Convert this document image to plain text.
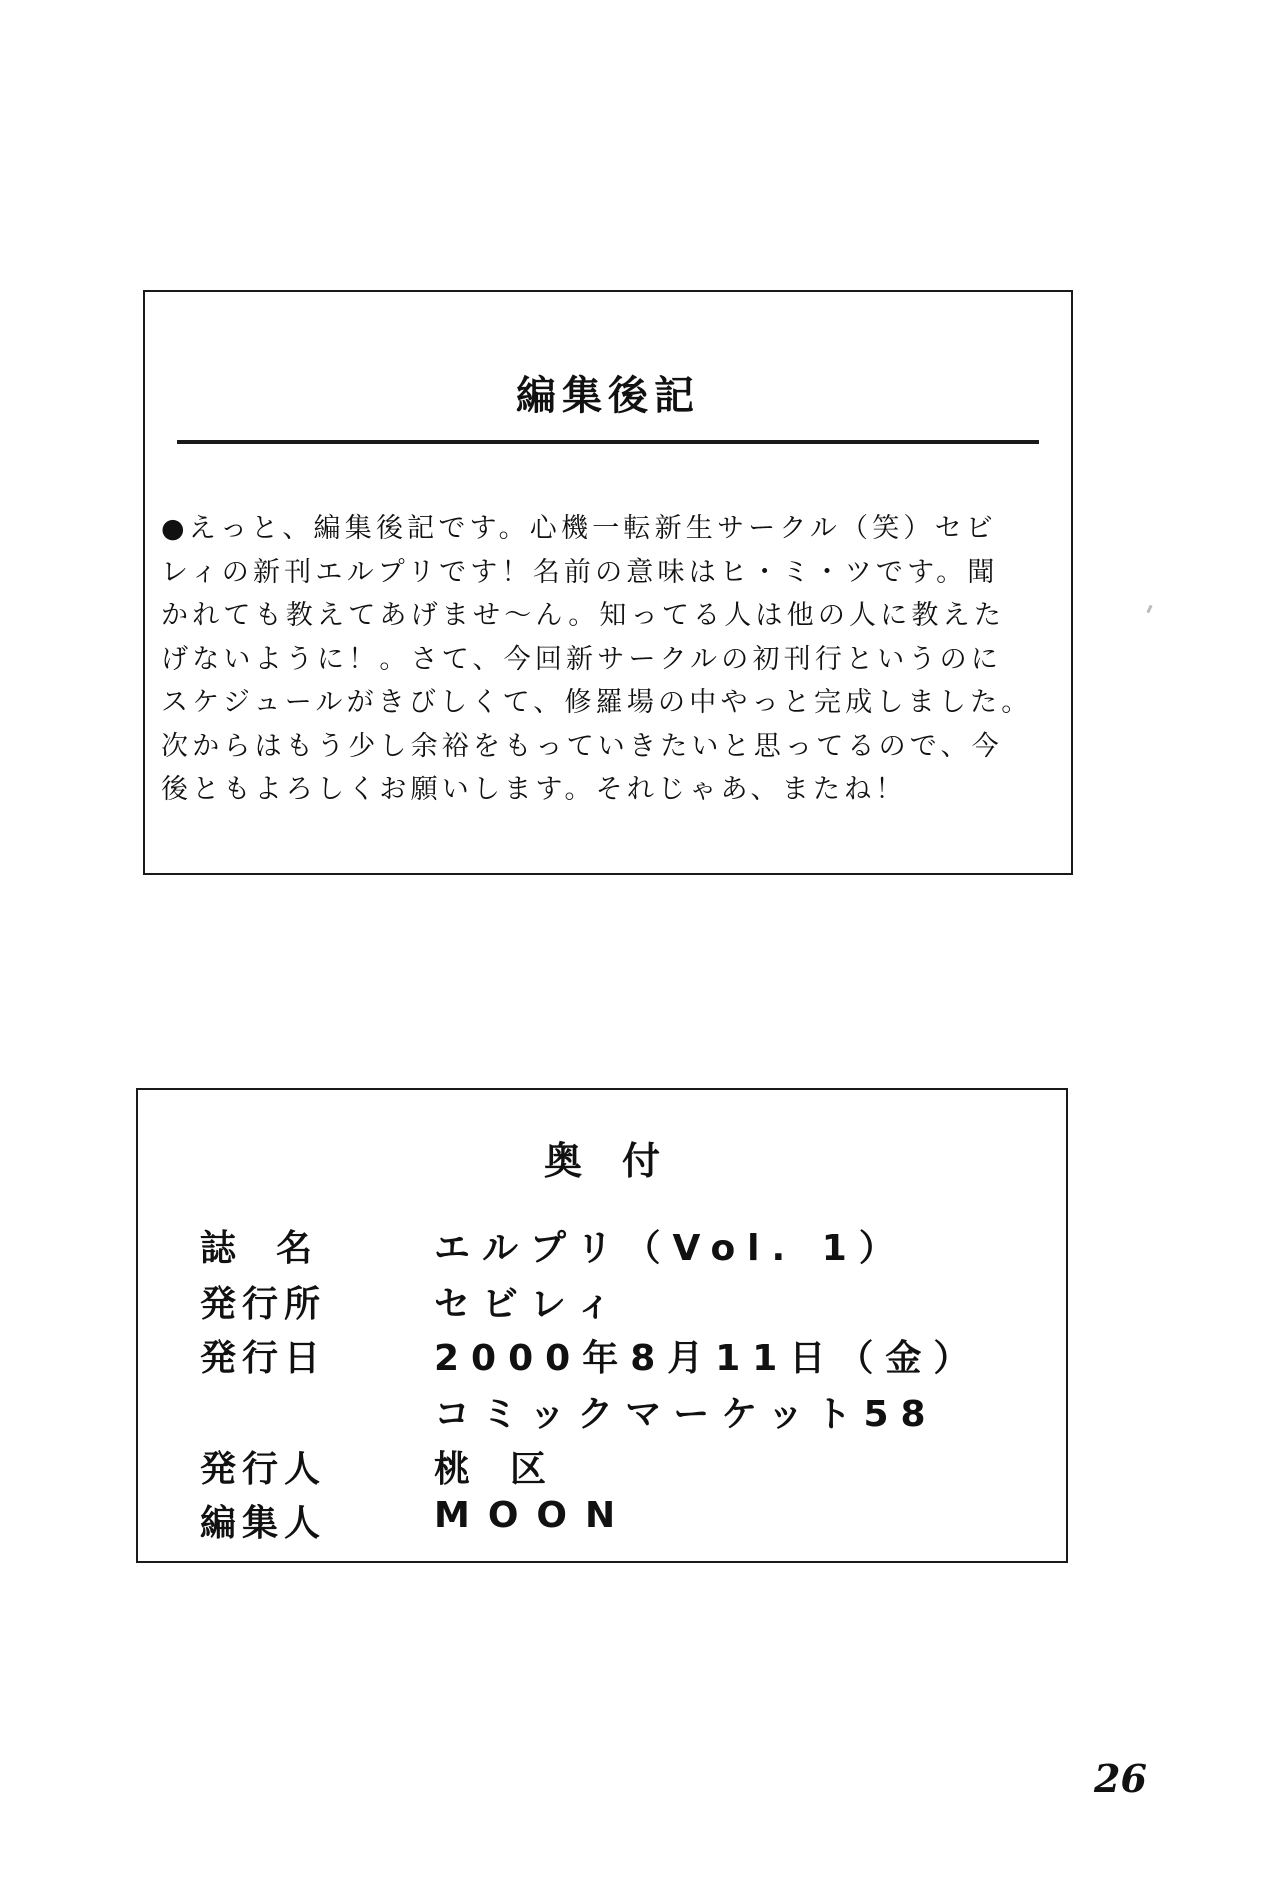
編集後記
●えっと、編集後記です。心機一転新生サークル（笑）セビ
レィの新刊エルプリです！名前の意味はヒ・ミ・ツです。聞
かれても教えてあげませ～ん。知ってる人は他の人に教えた
げないように！。さて、今回新サークルの初刊行というのに
スケジュールがきびしくて、修羅場の中やっと完成しました。
次からはもう少し余裕をもっていきたいと思ってるので、今
後ともよろしくお願いします。それじゃあ、またね！
奥付
誌名 エルプリ（Vol. 1）
発行所	セビレィ
発行日	2000年8月11日（金）
コミックマーケット58
発行人	桃区
編集人	MOON
26
